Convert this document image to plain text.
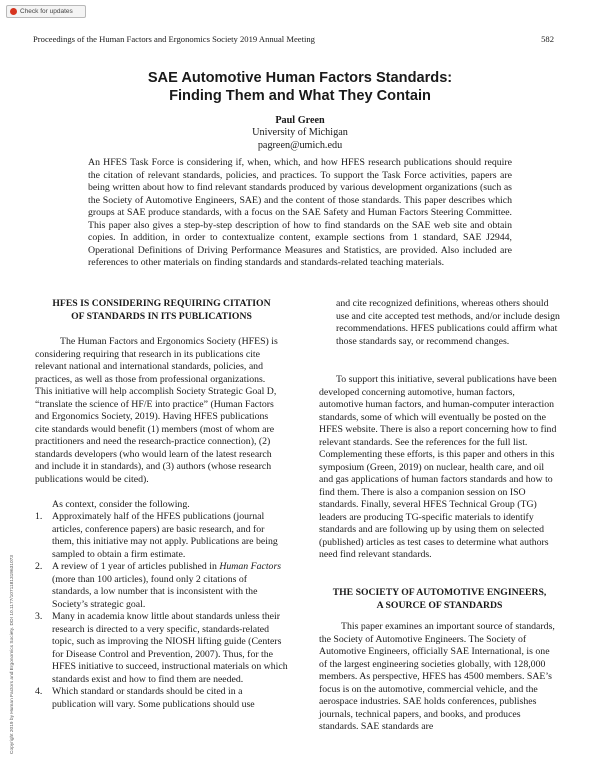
Check for updates
Proceedings of the Human Factors and Ergonomics Society 2019 Annual Meeting	582
SAE Automotive Human Factors Standards:
Finding Them and What They Contain
Paul Green
University of Michigan
pagreen@umich.edu
An HFES Task Force is considering if, when, which, and how HFES research publications should require the citation of relevant standards, policies, and practices. To support the Task Force activities, papers are being written about how to find relevant standards produced by various development organizations (such as the Society of Automotive Engineers, SAE) and the content of those standards. This paper describes which groups at SAE produce standards, with a focus on the SAE Safety and Human Factors Steering Committee. This paper also gives a step-by-step description of how to find standards on the SAE web site and obtain copies. In addition, in order to contextualize content, example sections from 1 standard, SAE J2944, Operational Definitions of Driving Performance Measures and Statistics, are provided. Also included are references to other materials on finding standards and standards-related teaching materials.
Copyright 2019 by Human Factors and Ergonomics Society. DOI 10.1177/1071181319631073
HFES IS CONSIDERING REQUIRING CITATION
OF STANDARDS IN ITS PUBLICATIONS
The Human Factors and Ergonomics Society (HFES) is considering requiring that research in its publications cite relevant national and international standards, policies, and practices, as well as those from professional organizations. This initiative will help accomplish Society Strategic Goal D, “translate the science of HF/E into practice” (Human Factors and Ergonomics Society, 2019). Having HFES publications cite standards would benefit (1) members (most of whom are practitioners and need the research-practice connection), (2) standards developers (who would learn of the latest research and include it in standards), and (3) authors (whose research publications would be cited).
As context, consider the following.
1. Approximately half of the HFES publications (journal articles, conference papers) are basic research, and for them, this initiative may not apply. Publications are being sampled to obtain a firm estimate.
2. A review of 1 year of articles published in Human Factors (more than 100 articles), found only 2 citations of standards, a low number that is inconsistent with the Society’s strategic goal.
3. Many in academia know little about standards unless their research is directed to a very specific, standards-related topic, such as improving the NIOSH lifting guide (Centers for Disease Control and Prevention, 2007). Thus, for the HFES initiative to succeed, instructional materials on which standards exist and how to find them are needed.
4. Which standard or standards should be cited in a publication will vary. Some publications should use
and cite recognized definitions, whereas others should use and cite accepted test methods, and/or include design recommendations. HFES publications could affirm what those standards say, or recommend changes.
To support this initiative, several publications have been developed concerning automotive, human factors, automotive human factors, and human-computer interaction standards, some of which will eventually be posted on the HFES website. There is also a report concerning how to find relevant standards. See the references for the full list. Complementing these efforts, is this paper and others in this symposium (Green, 2019) on nuclear, health care, and oil and gas applications of human factors standards and how to find them. There is also a companion session on ISO standards. Finally, several HFES Technical Group (TG) leaders are producing TG-specific materials to identify standards and are following up by using them on selected (published) articles as test cases to determine what authors need find relevant standards.
THE SOCIETY OF AUTOMOTIVE ENGINEERS,
A SOURCE OF STANDARDS
This paper examines an important source of standards, the Society of Automotive Engineers. The Society of Automotive Engineers, officially SAE International, is one of the largest engineering societies globally, with 128,000 members. As perspective, HFES has 4500 members. SAE’s focus is on the automotive, commercial vehicle, and the aerospace industries. SAE holds conferences, publishes journals, technical papers, and books, and produces standards. SAE standards are
